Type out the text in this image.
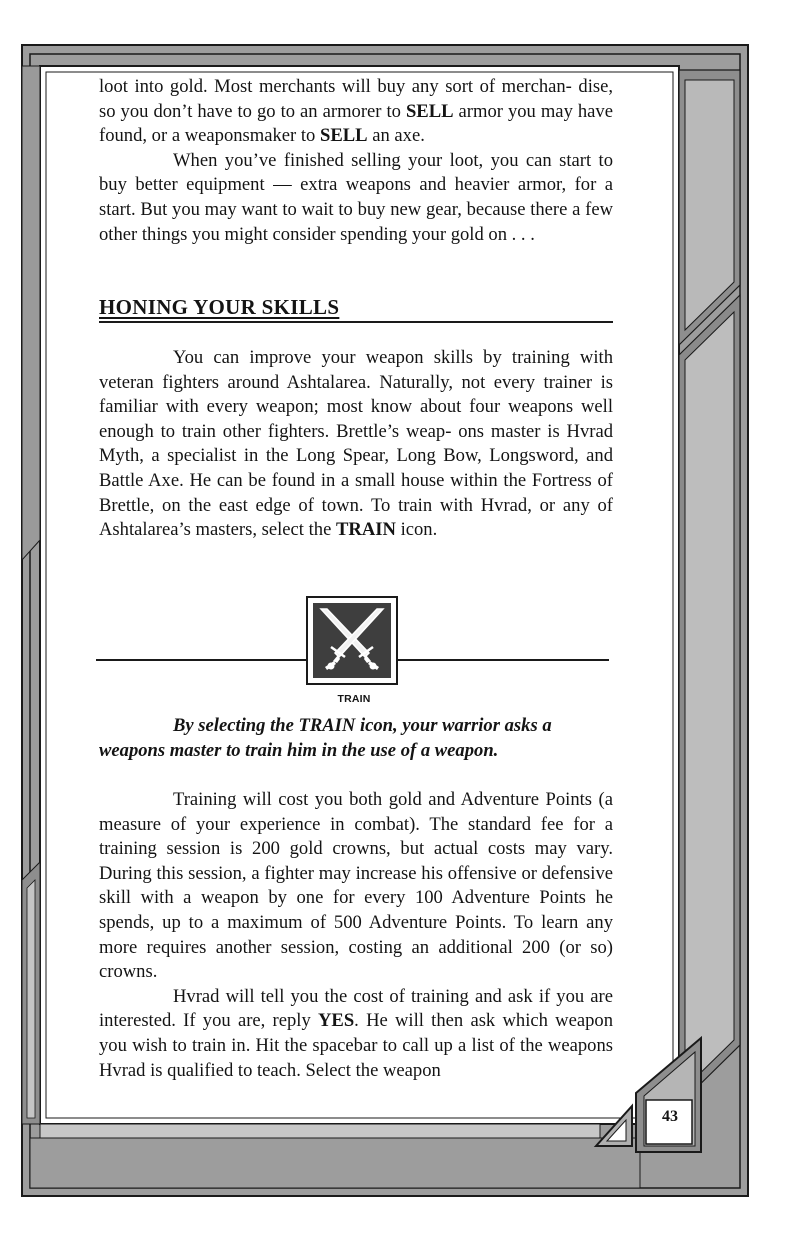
loot into gold. Most merchants will buy any sort of merchan- dise, so you don’t have to go to an armorer to SELL armor you may have found, or a weaponsmaker to SELL an axe.

When you’ve finished selling your loot, you can start to buy better equipment — extra weapons and heavier armor, for a start. But you may want to wait to buy new gear, because there a few other things you might consider spending your gold on . . .

HONING YOUR SKILLS

You can improve your weapon skills by training with veteran fighters around Ashtalarea. Naturally, not every trainer is familiar with every weapon; most know about four weapons well enough to train other fighters. Brettle’s weap- ons master is Hvrad Myth, a specialist in the Long Spear, Long Bow, Longsword, and Battle Axe. He can be found in a small house within the Fortress of Brettle, on the east edge of town. To train with Hvrad, or any of Ashtalarea’s masters, select the TRAIN icon.

TRAIN

By selecting the TRAIN icon, your warrior asks a weapons master to train him in the use of a weapon.

Training will cost you both gold and Adventure Points (a measure of your experience in combat). The standard fee for a training session is 200 gold crowns, but actual costs may vary. During this session, a fighter may increase his offensive or defensive skill with a weapon by one for every 100 Adventure Points he spends, up to a maximum of 500 Adventure Points. To learn any more requires another session, costing an additional 200 (or so) crowns.

Hvrad will tell you the cost of training and ask if you are interested. If you are, reply YES. He will then ask which weapon you wish to train in. Hit the spacebar to call up a list of the weapons Hvrad is qualified to teach. Select the weapon

43
